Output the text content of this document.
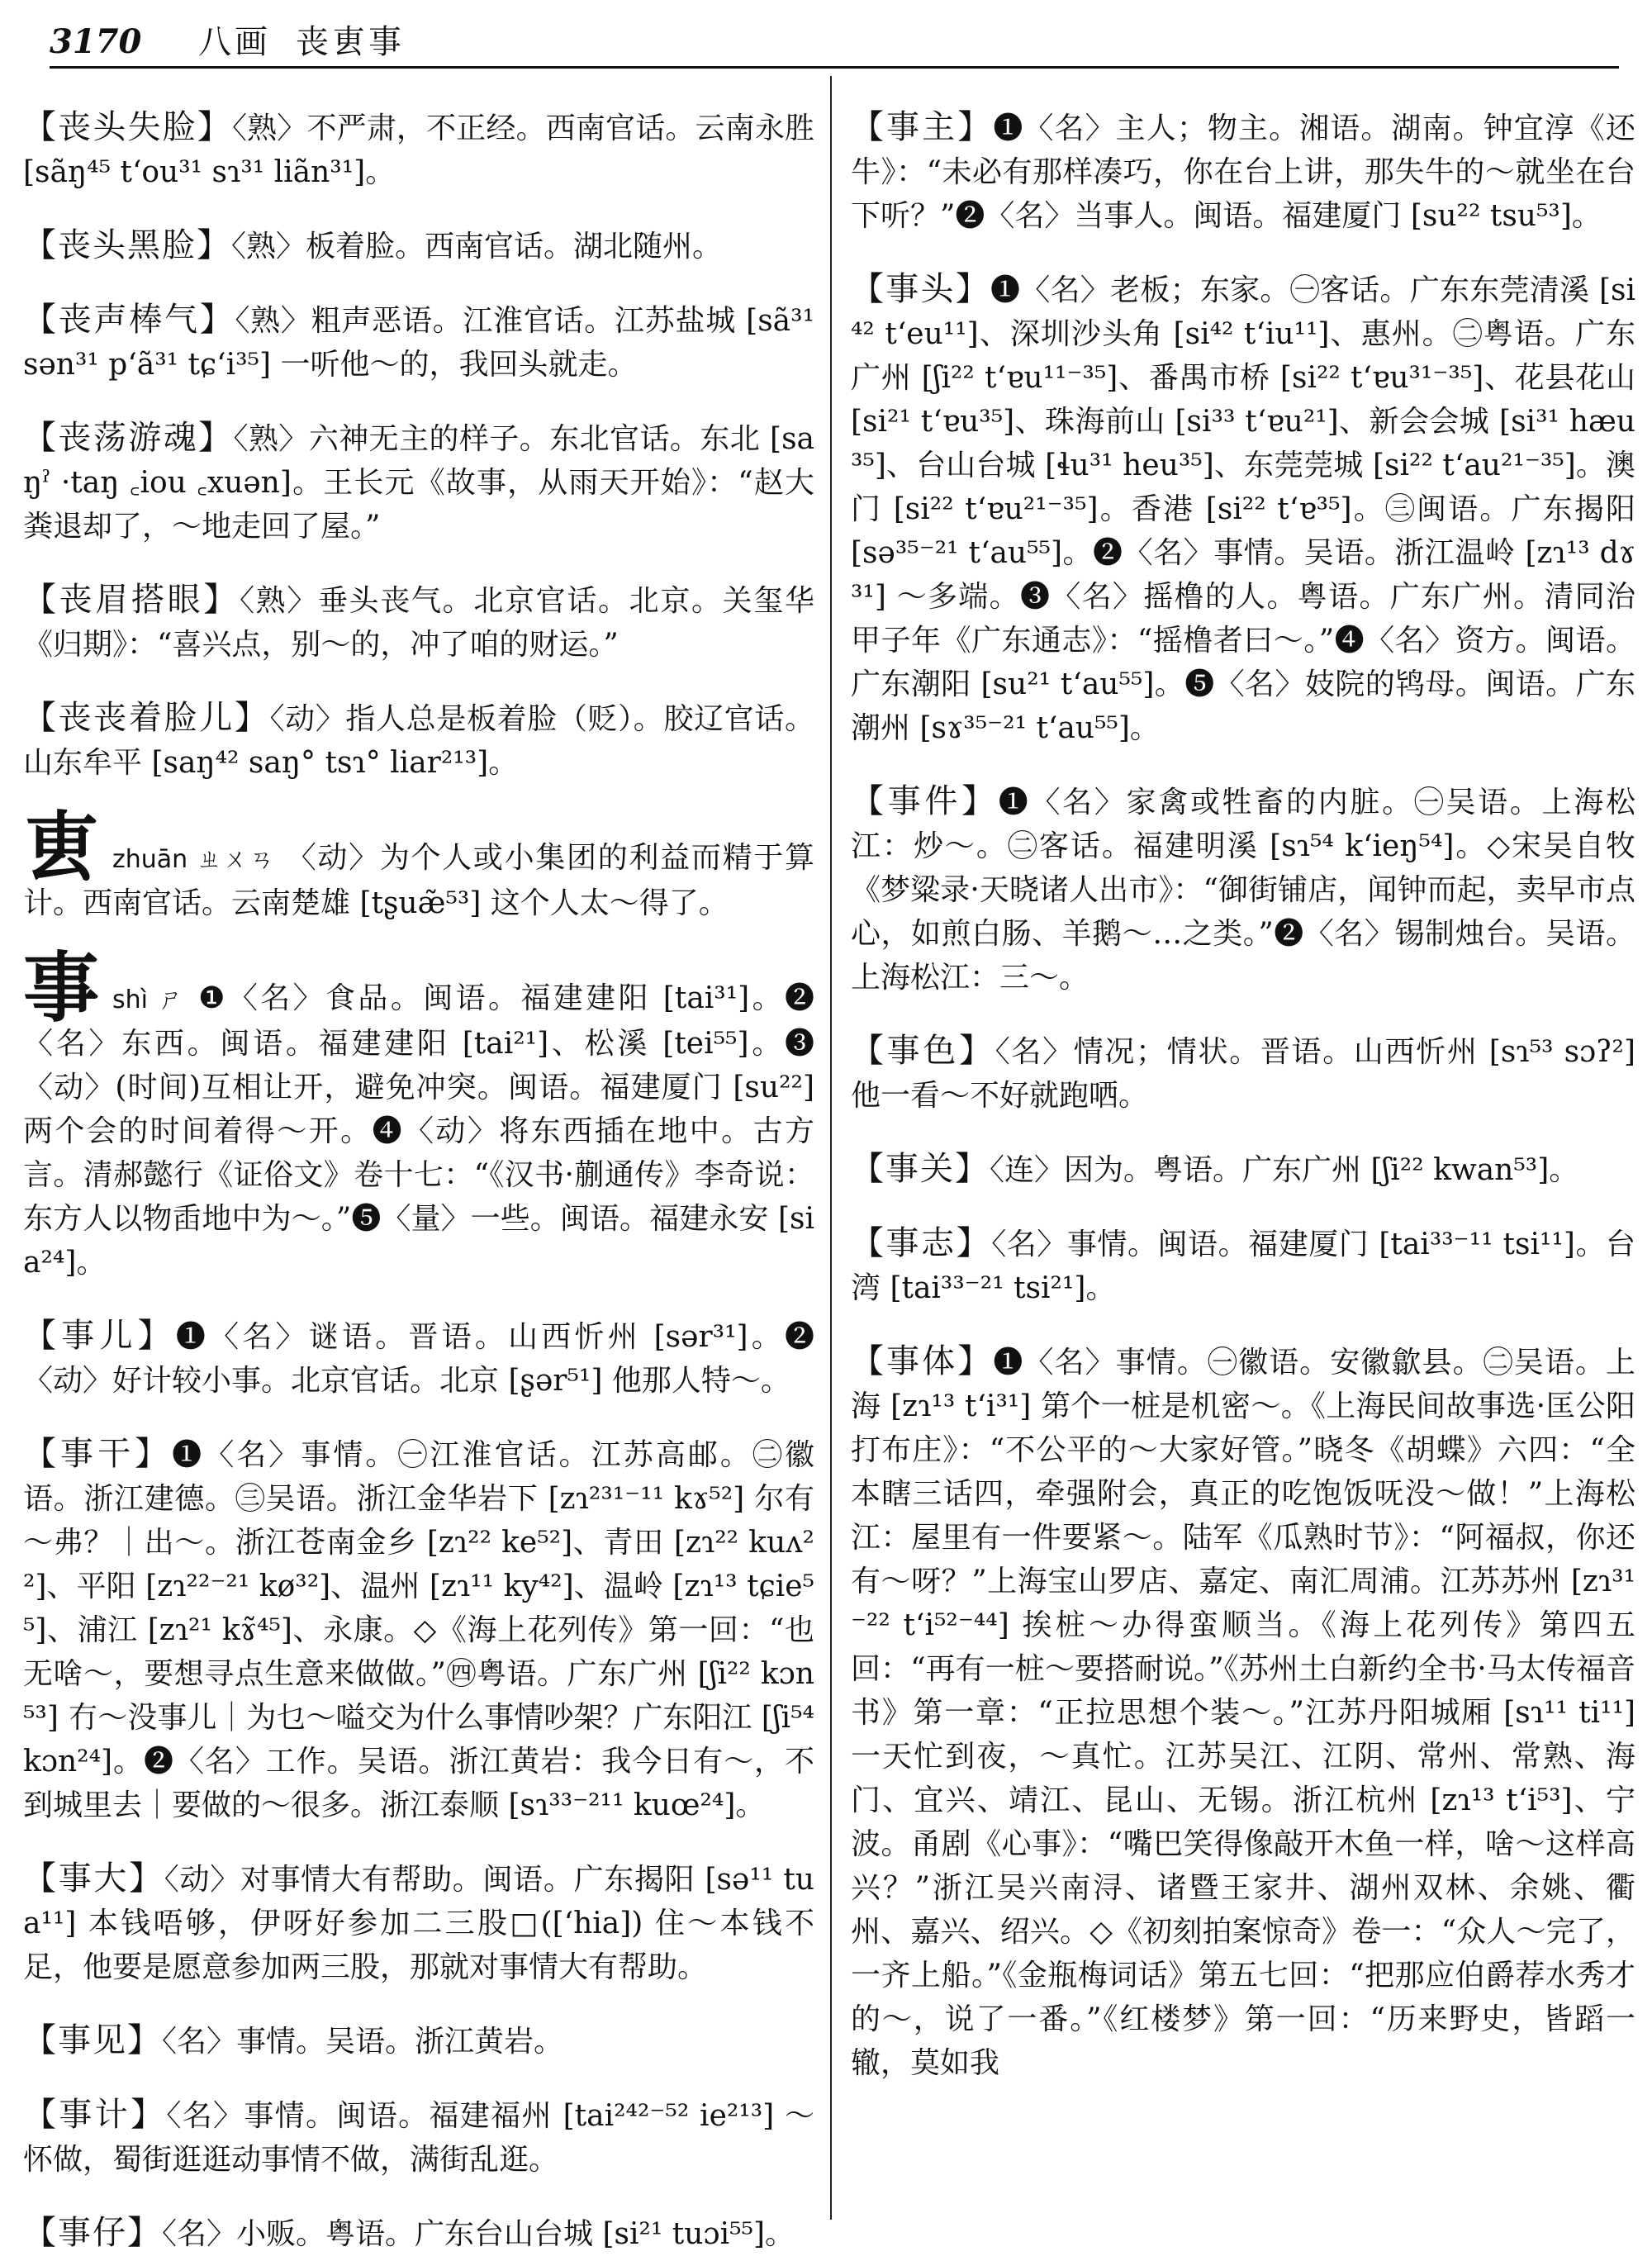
3170 八画 丧叀事

【丧头失脸】〈熟〉不严肃，不正经。西南官话。云南永胜 [sãŋ⁴⁵ tʻou³¹ sɿ³¹ liãn³¹]。

【丧头黑脸】〈熟〉板着脸。西南官话。湖北随州。

【丧声棒气】〈熟〉粗声恶语。江淮官话。江苏盐城 [sã³¹ sən³¹ pʻã³¹ tɕʻi³⁵] 一听他～的，我回头就走。

【丧荡游魂】〈熟〉六神无主的样子。东北官话。东北 [saŋˀ ·taŋ ꜀iou ꜀xuən]。王长元《故事，从雨天开始》：“赵大粪退却了，～地走回了屋。”

【丧眉搭眼】〈熟〉垂头丧气。北京官话。北京。关玺华《归期》：“喜兴点，别～的，冲了咱的财运。”

【丧丧着脸儿】〈动〉指人总是板着脸（贬）。胶辽官话。山东牟平 [saŋ⁴² saŋ° tsɿ° liar²¹³]。

叀zhuān ㄓㄨㄢ 〈动〉为个人或小集团的利益而精于算计。西南官话。云南楚雄 [tʂuæ̃⁵³] 这个人太～得了。

事shì ㄕ ❶〈名〉食品。闽语。福建建阳 [tai³¹]。❷〈名〉东西。闽语。福建建阳 [tai²¹]、松溪 [tei⁵⁵]。❸〈动〉(时间)互相让开，避免冲突。闽语。福建厦门 [su²²] 两个会的时间着得～开。❹〈动〉将东西插在地中。古方言。清郝懿行《证俗文》卷十七：“《汉书·蒯通传》李奇说：东方人以物臿地中为～。”❺〈量〉一些。闽语。福建永安 [sia²⁴]。

【事儿】❶〈名〉谜语。晋语。山西忻州 [sər³¹]。❷〈动〉好计较小事。北京官话。北京 [ʂər⁵¹] 他那人特～。

【事干】❶〈名〉事情。㊀江淮官话。江苏高邮。㊁徽语。浙江建德。㊂吴语。浙江金华岩下 [zɿ²³¹⁻¹¹ kɤ⁵²] 尔有～弗？｜出～。浙江苍南金乡 [zɿ²² ke⁵²]、青田 [zɿ²² kuʌ²²]、平阳 [zɿ²²⁻²¹ kø³²]、温州 [zɿ¹¹ ky⁴²]、温岭 [zɿ¹³ tɕie⁵⁵]、浦江 [zɿ²¹ kɤ̃⁴⁵]、永康。◇《海上花列传》第一回：“也无啥～，要想寻点生意来做做。”㊃粤语。广东广州 [ʃi²² kɔn⁵³] 冇～没事儿｜为乜～嗌交为什么事情吵架？广东阳江 [ʃi⁵⁴ kɔn²⁴]。❷〈名〉工作。吴语。浙江黄岩：我今日有～，不到城里去｜要做的～很多。浙江泰顺 [sɿ³³⁻²¹¹ kuœ²⁴]。

【事大】〈动〉对事情大有帮助。闽语。广东揭阳 [sə¹¹ tua¹¹] 本钱唔够，伊呀好参加二三股□([ʻhia]) 住～本钱不足，他要是愿意参加两三股，那就对事情大有帮助。

【事见】〈名〉事情。吴语。浙江黄岩。

【事计】〈名〉事情。闽语。福建福州 [tai²⁴²⁻⁵² ie²¹³] ～怀做，蜀街逛逛动事情不做，满街乱逛。

【事仔】〈名〉小贩。粤语。广东台山台城 [si²¹ tuɔi⁵⁵]。

【事主】❶〈名〉主人；物主。湘语。湖南。钟宜淳《还牛》：“未必有那样凑巧，你在台上讲，那失牛的～就坐在台下听？”❷〈名〉当事人。闽语。福建厦门 [su²² tsu⁵³]。

【事头】❶〈名〉老板；东家。㊀客话。广东东莞清溪 [si⁴² tʻeu¹¹]、深圳沙头角 [si⁴² tʻiu¹¹]、惠州。㊁粤语。广东广州 [ʃi²² tʻɐu¹¹⁻³⁵]、番禺市桥 [si²² tʻɐu³¹⁻³⁵]、花县花山 [si²¹ tʻɐu³⁵]、珠海前山 [si³³ tʻɐu²¹]、新会会城 [si³¹ hæu³⁵]、台山台城 [ɬu³¹ heu³⁵]、东莞莞城 [si²² tʻau²¹⁻³⁵]。澳门 [si²² tʻɐu²¹⁻³⁵]。香港 [si²² tʻɐ³⁵]。㊂闽语。广东揭阳 [sə³⁵⁻²¹ tʻau⁵⁵]。❷〈名〉事情。吴语。浙江温岭 [zɿ¹³ dɤ³¹] ～多端。❸〈名〉摇橹的人。粤语。广东广州。清同治甲子年《广东通志》：“摇橹者曰～。”❹〈名〉资方。闽语。广东潮阳 [su²¹ tʻau⁵⁵]。❺〈名〉妓院的鸨母。闽语。广东潮州 [sɤ³⁵⁻²¹ tʻau⁵⁵]。

【事件】❶〈名〉家禽或牲畜的内脏。㊀吴语。上海松江：炒～。㊁客话。福建明溪 [sɿ⁵⁴ kʻieŋ⁵⁴]。◇宋吴自牧《梦粱录·天晓诸人出市》：“御街铺店，闻钟而起，卖早市点心，如煎白肠、羊鹅～…之类。”❷〈名〉锡制烛台。吴语。上海松江：三～。

【事色】〈名〉情况；情状。晋语。山西忻州 [sɿ⁵³ sɔʔ²] 他一看～不好就跑哂。

【事关】〈连〉因为。粤语。广东广州 [ʃi²² kwan⁵³]。

【事志】〈名〉事情。闽语。福建厦门 [tai³³⁻¹¹ tsi¹¹]。台湾 [tai³³⁻²¹ tsi²¹]。

【事体】❶〈名〉事情。㊀徽语。安徽歙县。㊁吴语。上海 [zɿ¹³ tʻi³¹] 第个一桩是机密～。《上海民间故事选·匡公阳打布庄》：“不公平的～大家好管。”晓冬《胡蝶》六四：“全本瞎三话四，牵强附会，真正的吃饱饭呒没～做！”上海松江：屋里有一件要紧～。陆军《瓜熟时节》：“阿福叔，你还有～呀？”上海宝山罗店、嘉定、南汇周浦。江苏苏州 [zɿ³¹⁻²² tʻi⁵²⁻⁴⁴] 挨桩～办得蛮顺当。《海上花列传》第四五回：“再有一桩～要搭耐说。”《苏州土白新约全书·马太传福音书》第一章：“正拉思想个装～。”江苏丹阳城厢 [sɿ¹¹ ti¹¹] 一天忙到夜，～真忙。江苏吴江、江阴、常州、常熟、海门、宜兴、靖江、昆山、无锡。浙江杭州 [zɿ¹³ tʻi⁵³]、宁波。甬剧《心事》：“嘴巴笑得像敲开木鱼一样，啥～这样高兴？”浙江吴兴南浔、诸暨王家井、湖州双林、余姚、衢州、嘉兴、绍兴。◇《初刻拍案惊奇》卷一：“众人～完了，一齐上船。”《金瓶梅词话》第五七回：“把那应伯爵荐水秀才的～，说了一番。”《红楼梦》第一回：“历来野史，皆蹈一辙，莫如我
